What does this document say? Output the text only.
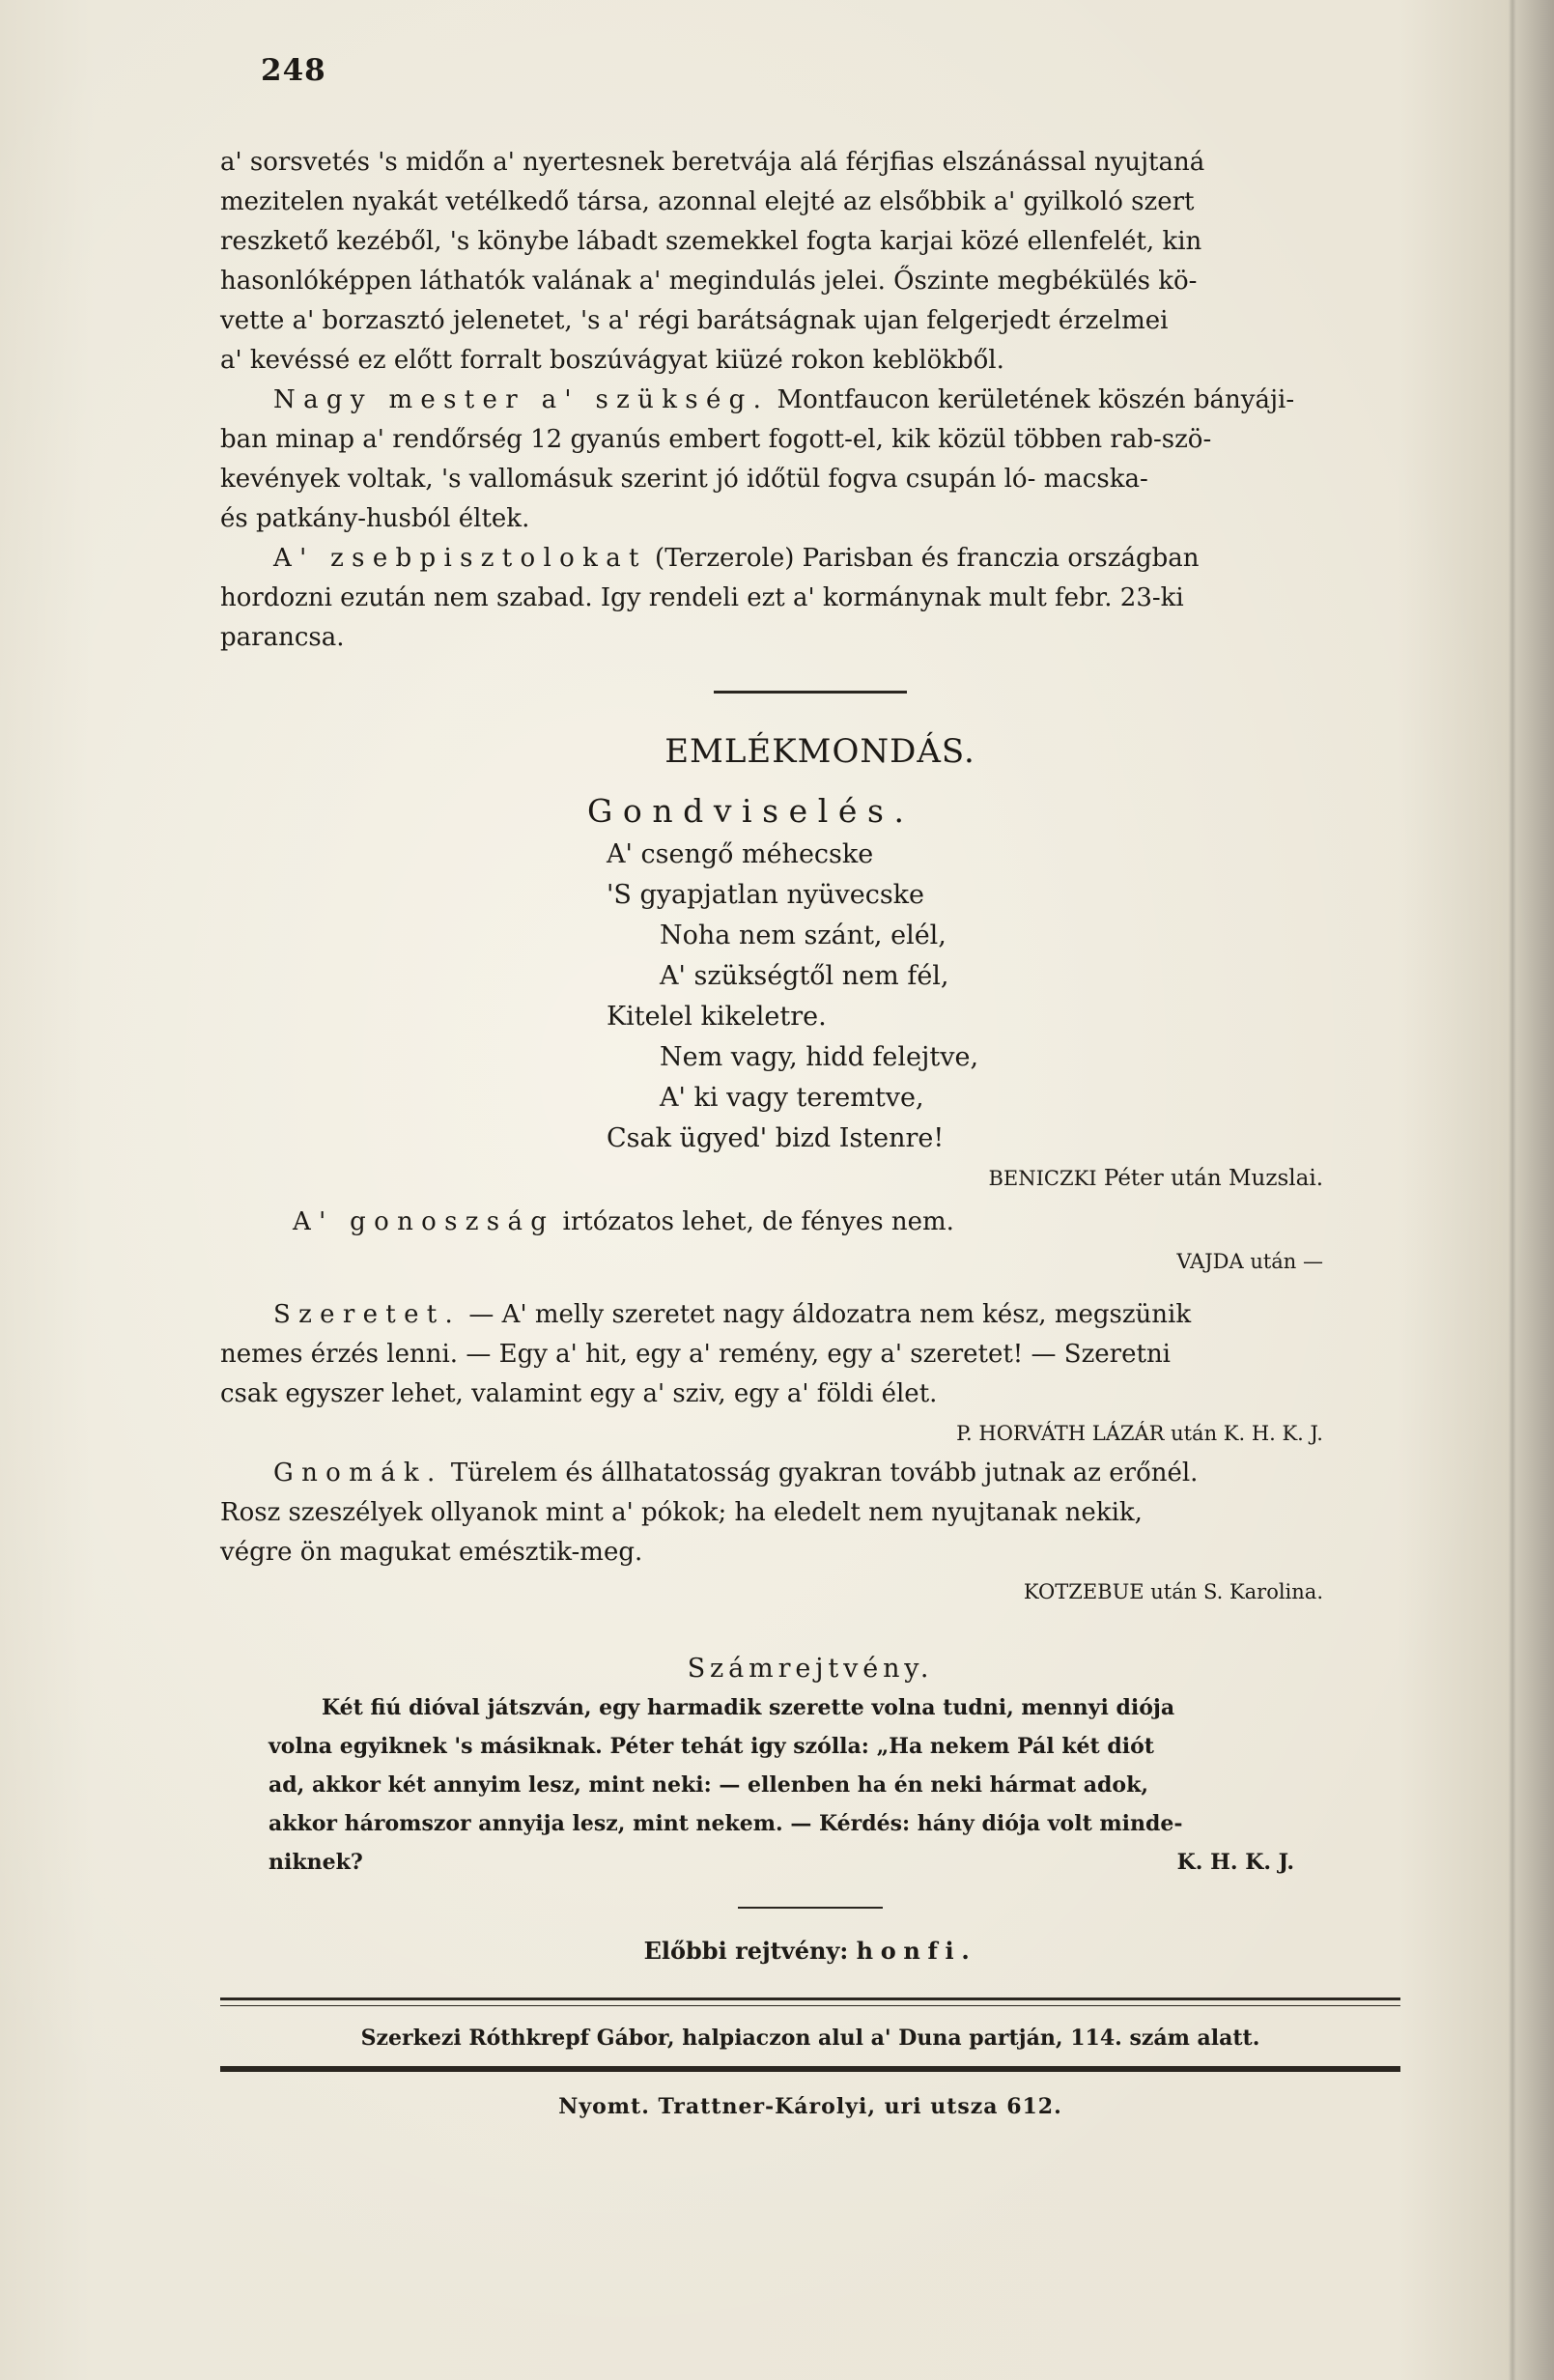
248

a' sorsvetés 's midőn a' nyertesnek beretvája alá férjfias elszánással nyujtaná

mezitelen nyakát vetélkedő társa, azonnal elejté az elsőbbik a' gyilkoló szert

reszkető kezéből, 's könybe lábadt szemekkel fogta karjai közé ellenfelét, kin

hasonlóképpen láthatók valának a' megindulás jelei. Őszinte megbékülés kö-

vette a' borzasztó jelenetet, 's a' régi barátságnak ujan felgerjedt érzelmei

a' kevéssé ez előtt forralt boszúvágyat kiüzé rokon keblökből.

Nagy mester a' szükség. Montfaucon kerületének köszén bányáji-

ban minap a' rendőrség 12 gyanús embert fogott-el, kik közül többen rab-szö-

kevények voltak, 's vallomásuk szerint jó időtül fogva csupán ló- macska-

és patkány-husból éltek.

A' zsebpisztolokat (Terzerole) Parisban és franczia országban

hordozni ezután nem szabad. Igy rendeli ezt a' kormánynak mult febr. 23-ki

parancsa.

EMLÉKMONDÁS.
Gondviselés.
A' csengő méhecske
'S gyapjatlan nyüvecske
Noha nem szánt, elél,
A' szükségtől nem fél,
Kitelel kikeletre.
Nem vagy, hidd felejtve,
A' ki vagy teremtve,
Csak ügyed' bizd Istenre!

BENICZKI Péter után Muzslai.

A' gonoszság irtózatos lehet, de fényes nem.

VAJDA után —

Szeretet. — A' melly szeretet nagy áldozatra nem kész, megszünik

nemes érzés lenni. — Egy a' hit, egy a' remény, egy a' szeretet! — Szeretni

csak egyszer lehet, valamint egy a' sziv, egy a' földi élet.

P. HORVÁTH LÁZÁR után K. H. K. J.

Gnomák. Türelem és állhatatosság gyakran tovább jutnak az erőnél.

Rosz szeszélyek ollyanok mint a' pókok; ha eledelt nem nyujtanak nekik,

végre ön magukat emésztik-meg.

KOTZEBUE után S. Karolina.

Számrejtvény.

Két fiú dióval játszván, egy harmadik szerette volna tudni, mennyi diója

volna egyiknek 's másiknak. Péter tehát igy szólla: „Ha nekem Pál két diót

ad, akkor két annyim lesz, mint neki: — ellenben ha én neki hármat adok,

akkor háromszor annyija lesz, mint nekem. — Kérdés: hány diója volt minde-

niknek?	K. H. K. J.

Előbbi rejtvény: honfi.

Szerkezi Róthkrepf Gábor, halpiaczon alul a' Duna partján, 114. szám alatt.

Nyomt. Trattner-Károlyi, uri utsza 612.
